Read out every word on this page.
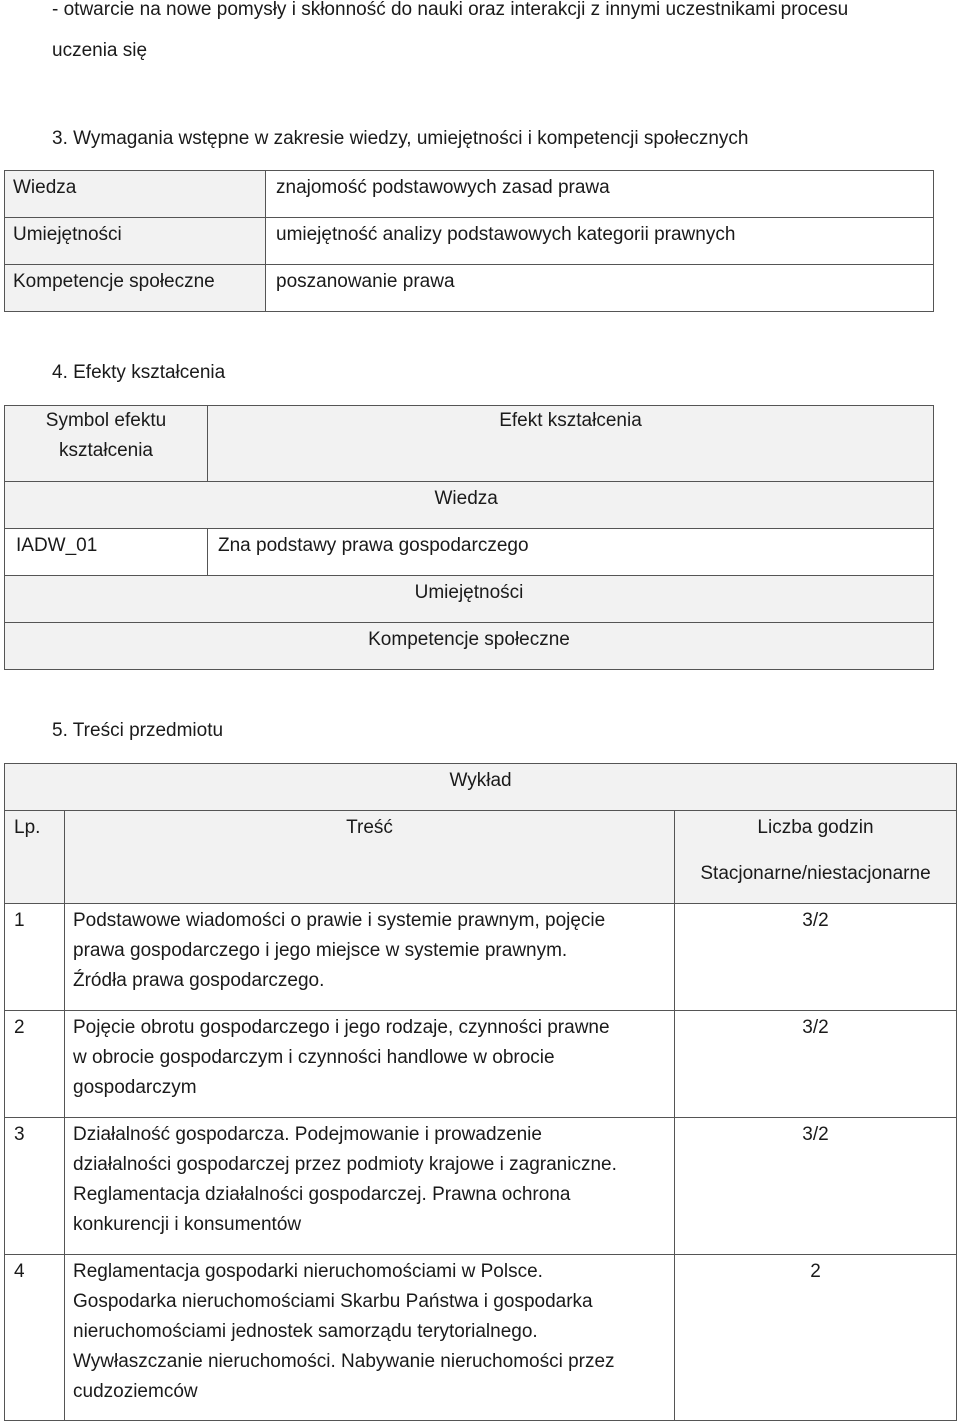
- otwarcie na nowe pomysły i skłonność do nauki oraz interakcji z innymi uczestnikami procesu
uczenia się
3. Wymagania wstępne w zakresie wiedzy, umiejętności i kompetencji społecznych
Wiedza	znajomość podstawowych zasad prawa

Umiejętności	umiejętność analizy podstawowych kategorii prawnych

Kompetencje społeczne	poszanowanie prawa
4. Efekty kształcenia
Symbol efektu
kształcenia	Efekt kształcenia

	Wiedza

IADW_01	Zna podstawy prawa gospodarczego

Umiejętności	

Kompetencje społeczne	
5. Treści przedmiotu
Wykład		

Lp.	Treść	Liczba godzin
Stacjonarne/niestacjonarne

1	Podstawowe wiadomości o prawie i systemie prawnym, pojęcie
prawa gospodarczego i jego miejsce w systemie prawnym.
Źródła prawa gospodarczego.	3/2

2	Pojęcie obrotu gospodarczego i jego rodzaje, czynności prawne
w obrocie gospodarczym i czynności handlowe w obrocie
gospodarczym	3/2

3	Działalność gospodarcza. Podejmowanie i prowadzenie
działalności gospodarczej przez podmioty krajowe i zagraniczne.
Reglamentacja działalności gospodarczej. Prawna ochrona
konkurencji i konsumentów	3/2

4	Reglamentacja gospodarki nieruchomościami w Polsce.
Gospodarka nieruchomościami Skarbu Państwa i gospodarka
nieruchomościami jednostek samorządu terytorialnego.
Wywłaszczanie nieruchomości. Nabywanie nieruchomości przez
cudzoziemców	2
